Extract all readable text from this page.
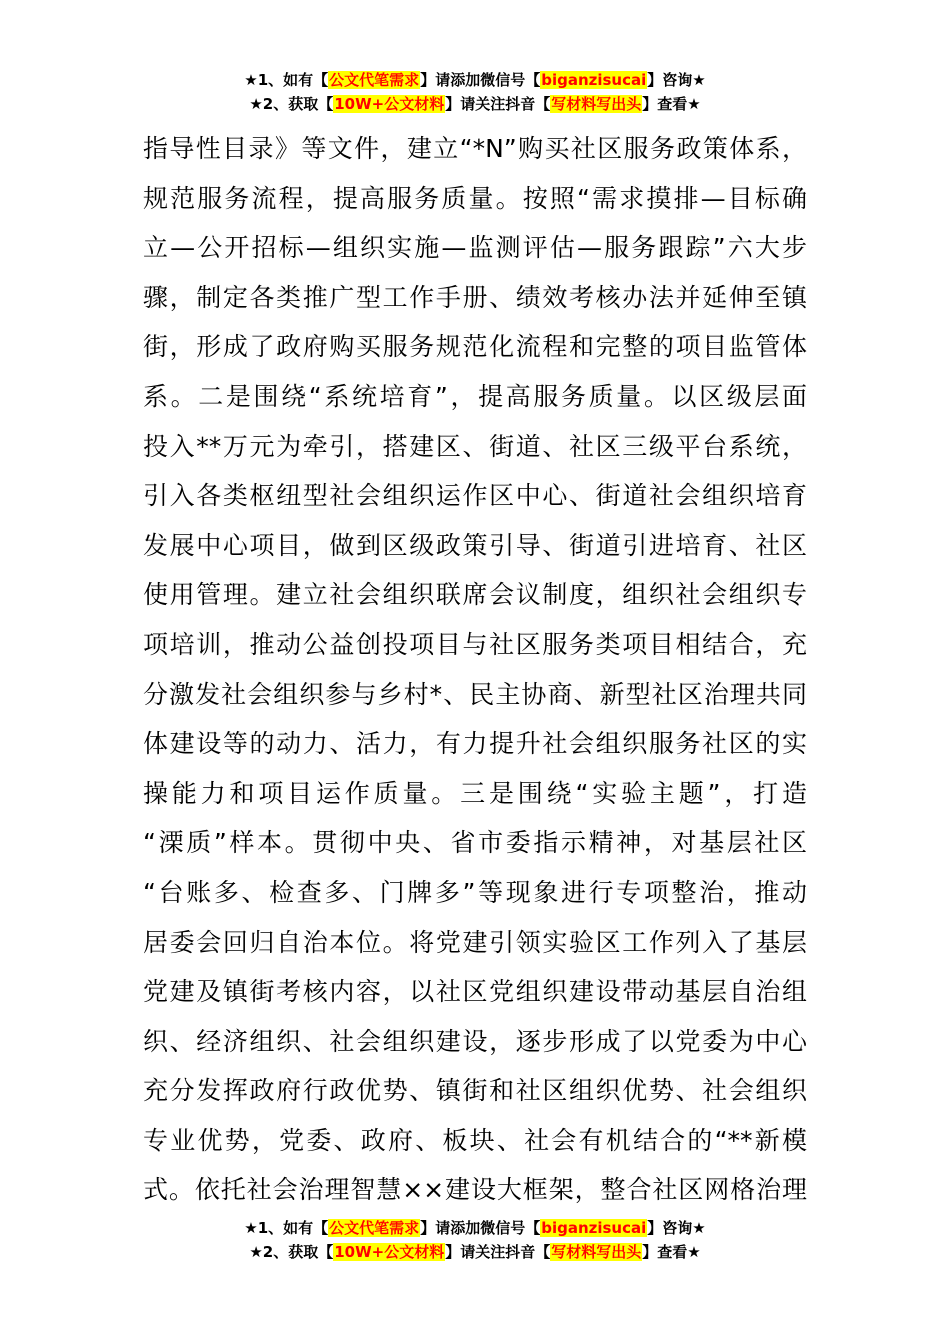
★1、如有【公文代笔需求】请添加微信号【biganzisucai】咨询★
★2、获取【10W+公文材料】请关注抖音【写材料写出头】查看★
指导性目录》等文件，建立“*N”购买社区服务政策体系，
规范服务流程，提高服务质量。按照“需求摸排—目标确
立—公开招标—组织实施—监测评估—服务跟踪”六大步
骤，制定各类推广型工作手册、绩效考核办法并延伸至镇
街，形成了政府购买服务规范化流程和完整的项目监管体
系。二是围绕“系统培育”，提高服务质量。以区级层面
投入**万元为牵引，搭建区、街道、社区三级平台系统，
引入各类枢纽型社会组织运作区中心、街道社会组织培育
发展中心项目，做到区级政策引导、街道引进培育、社区
使用管理。建立社会组织联席会议制度，组织社会组织专
项培训，推动公益创投项目与社区服务类项目相结合，充
分激发社会组织参与乡村*、民主协商、新型社区治理共同
体建设等的动力、活力，有力提升社会组织服务社区的实
操能力和项目运作质量。三是围绕“实验主题”，打造
“溧质”样本。贯彻中央、省市委指示精神，对基层社区
“台账多、检查多、门牌多”等现象进行专项整治，推动
居委会回归自治本位。将党建引领实验区工作列入了基层
党建及镇街考核内容，以社区党组织建设带动基层自治组
织、经济组织、社会组织建设，逐步形成了以党委为中心
充分发挥政府行政优势、镇街和社区组织优势、社会组织
专业优势，党委、政府、板块、社会有机结合的“**新模
式。依托社会治理智慧××建设大框架，整合社区网格治理
★1、如有【公文代笔需求】请添加微信号【biganzisucai】咨询★
★2、获取【10W+公文材料】请关注抖音【写材料写出头】查看★
